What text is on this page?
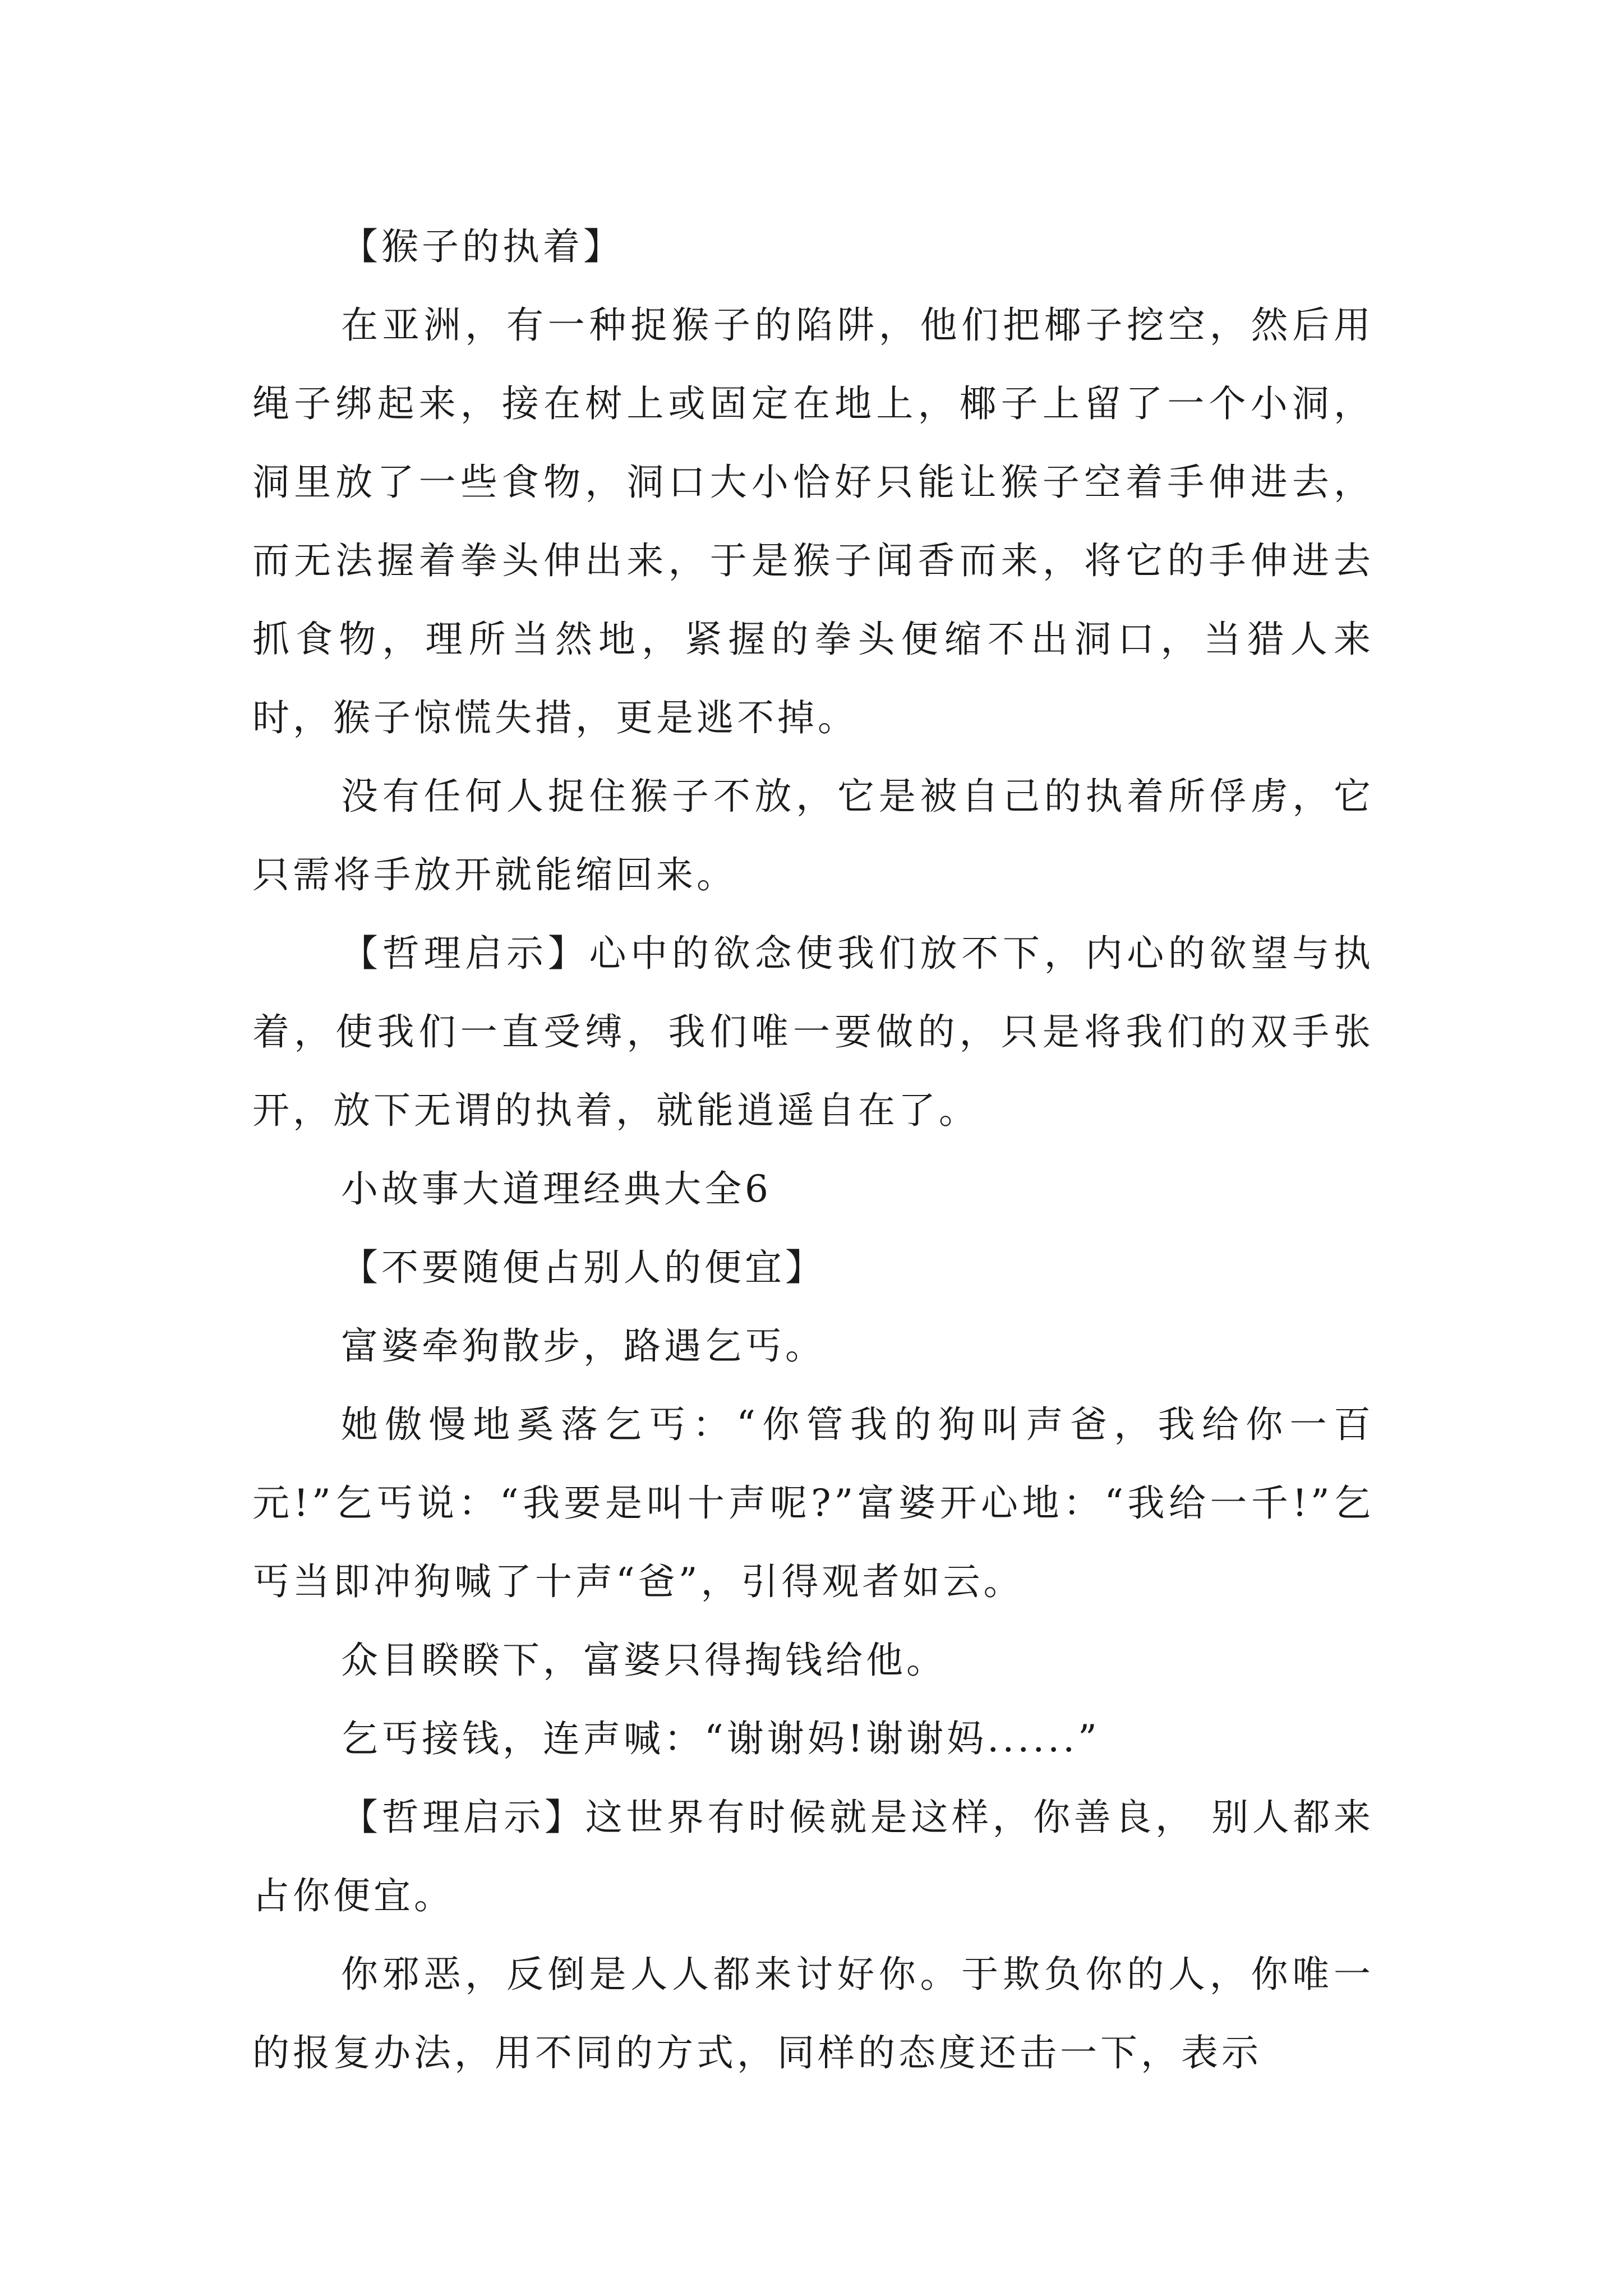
【猴子的执着】

在亚洲，有一种捉猴子的陷阱，他们把椰子挖空，然后用绳子绑起来，接在树上或固定在地上，椰子上留了一个小洞，洞里放了一些食物，洞口大小恰好只能让猴子空着手伸进去，而无法握着拳头伸出来，于是猴子闻香而来，将它的手伸进去抓食物，理所当然地，紧握的拳头便缩不出洞口，当猎人来时，猴子惊慌失措，更是逃不掉。

没有任何人捉住猴子不放，它是被自己的执着所俘虏，它只需将手放开就能缩回来。

【哲理启示】心中的欲念使我们放不下，内心的欲望与执着，使我们一直受缚，我们唯一要做的，只是将我们的双手张开，放下无谓的执着，就能逍遥自在了。

小故事大道理经典大全6

【不要随便占别人的便宜】

富婆牵狗散步，路遇乞丐。

她傲慢地奚落乞丐：“你管我的狗叫声爸，我给你一百元!”乞丐说：“我要是叫十声呢?”富婆开心地：“我给一千!”乞丐当即冲狗喊了十声“爸”，引得观者如云。

众目睽睽下，富婆只得掏钱给他。

乞丐接钱，连声喊：“谢谢妈!谢谢妈......”

【哲理启示】这世界有时候就是这样，你善良， 别人都来占你便宜。

你邪恶，反倒是人人都来讨好你。于欺负你的人，你唯一的报复办法，用不同的方式，同样的态度还击一下，表示
